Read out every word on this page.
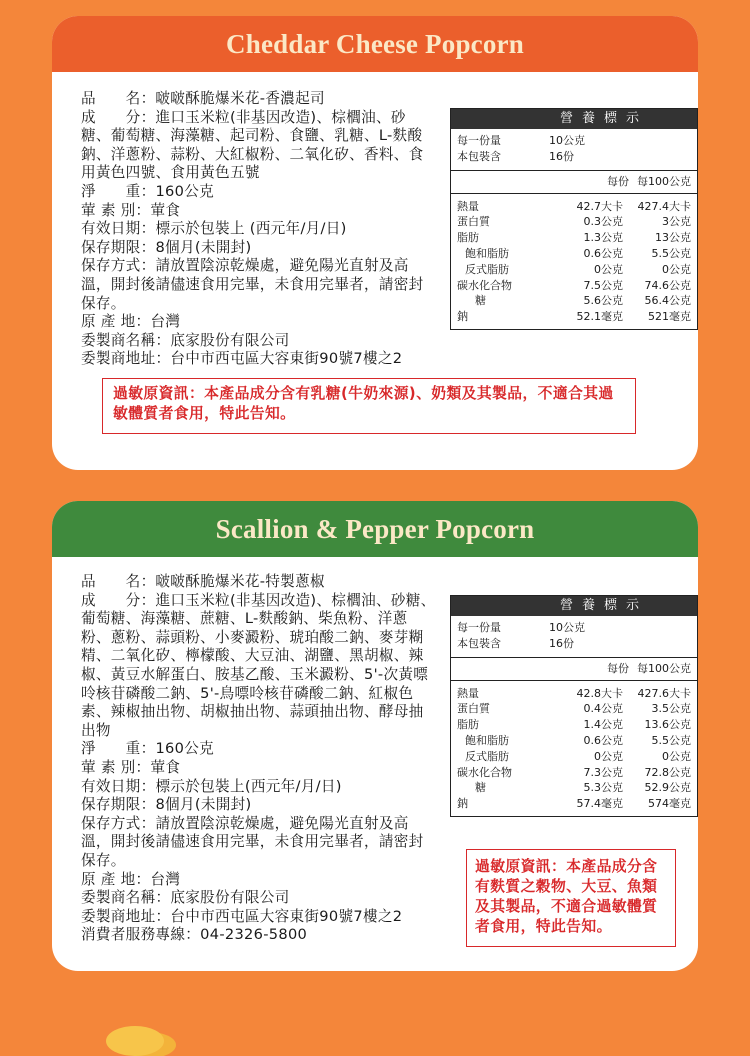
Cheddar Cheese Popcorn
品　　名：啵啵酥脆爆米花-香濃起司
成　　分：進口玉米粒(非基因改造)、棕櫚油、砂糖、葡萄糖、海藻糖、起司粉、食鹽、乳糖、L-麩酸鈉、洋蔥粉、蒜粉、大紅椒粉、二氧化矽、香料、食用黃色四號、食用黃色五號
淨　　重：160公克
葷 素 別：葷食
有效日期：標示於包裝上 (西元年/月/日)
保存期限：8個月(未開封)
保存方式：請放置陰涼乾燥處，避免陽光直射及高溫，開封後請儘速食用完畢，未食用完畢者，請密封保存。
原 產 地：台灣
委製商名稱：底家股份有限公司
委製商地址：台中市西屯區大容東街90號7樓之2
營養標示
每一份量	10公克
本包裝含	16份
每份 每100公克
熱量	42.7大卡	427.4大卡
蛋白質	0.3公克	3公克
脂肪	1.3公克	13公克
飽和脂肪	0.6公克	5.5公克
反式脂肪	0公克	0公克
碳水化合物	7.5公克	74.6公克
糖	5.6公克	56.4公克
鈉	52.1毫克	521毫克
過敏原資訊：本產品成分含有乳糖(牛奶來源)、奶類及其製品，不適合其過敏體質者食用，特此告知。
Scallion & Pepper Popcorn
品　　名：啵啵酥脆爆米花-特製蔥椒
成　　分：進口玉米粒(非基因改造)、棕櫚油、砂糖、葡萄糖、海藻糖、蔗糖、L-麩酸鈉、柴魚粉、洋蔥粉、蔥粉、蒜頭粉、小麥澱粉、琥珀酸二鈉、麥芽糊精、二氧化矽、檸檬酸、大豆油、湖鹽、黑胡椒、辣椒、黃豆水解蛋白、胺基乙酸、玉米澱粉、5'-次黃嘌呤核苷磷酸二鈉、5'-鳥嘌呤核苷磷酸二鈉、紅椒色素、辣椒抽出物、胡椒抽出物、蒜頭抽出物、酵母抽出物
淨　　重：160公克
葷 素 別：葷食
有效日期：標示於包裝上(西元年/月/日)
保存期限：8個月(未開封)
保存方式：請放置陰涼乾燥處，避免陽光直射及高溫，開封後請儘速食用完畢，未食用完畢者，請密封保存。
原 產 地：台灣
委製商名稱：底家股份有限公司
委製商地址：台中市西屯區大容東街90號7樓之2
消費者服務專線：04-2326-5800
營養標示
每一份量	10公克
本包裝含	16份
每份 每100公克
熱量	42.8大卡	427.6大卡
蛋白質	0.4公克	3.5公克
脂肪	1.4公克	13.6公克
飽和脂肪	0.6公克	5.5公克
反式脂肪	0公克	0公克
碳水化合物	7.3公克	72.8公克
糖	5.3公克	52.9公克
鈉	57.4毫克	574毫克
過敏原資訊：本產品成分含有麩質之穀物、大豆、魚類及其製品，不適合過敏體質者食用，特此告知。
